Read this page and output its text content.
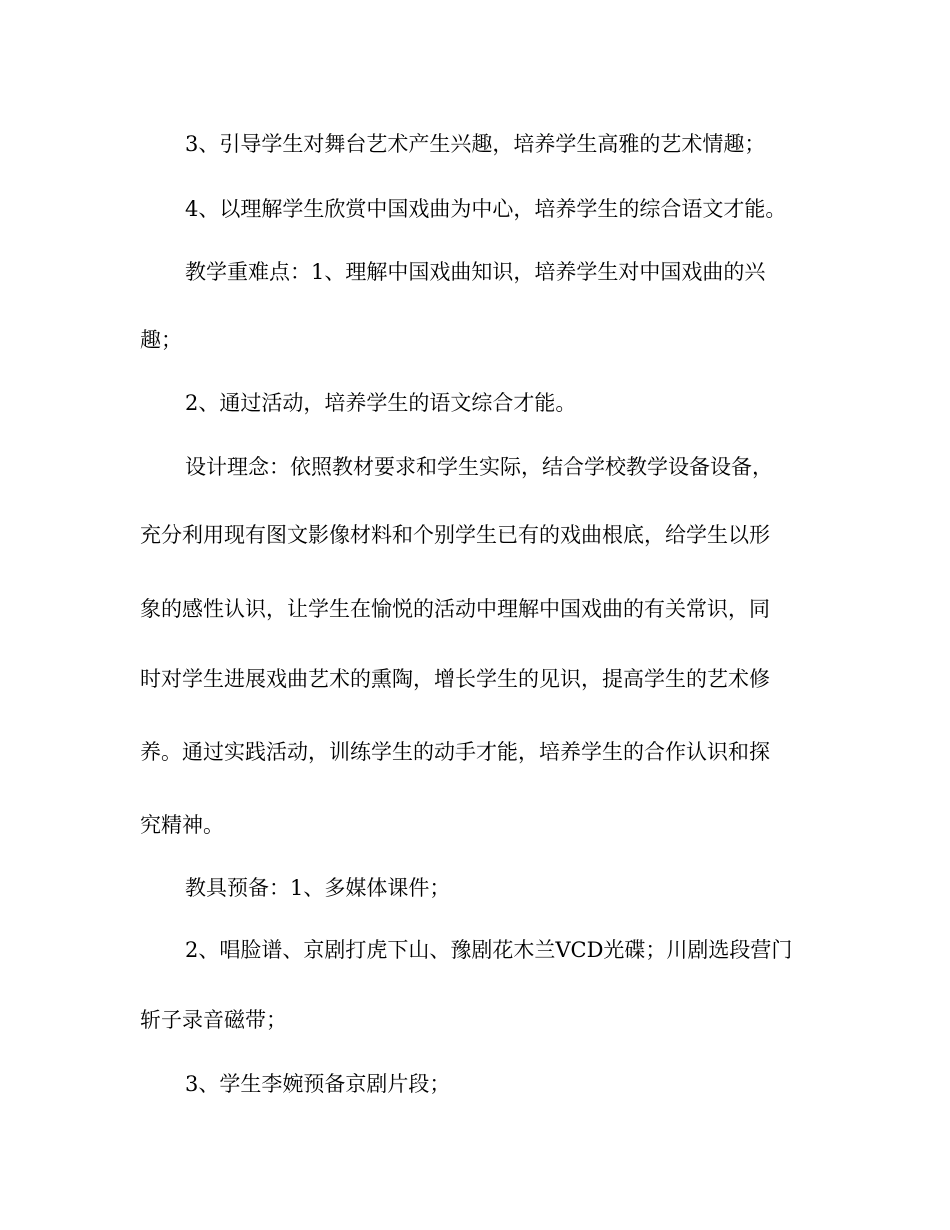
3、引导学生对舞台艺术产生兴趣，培养学生高雅的艺术情趣；
4、以理解学生欣赏中国戏曲为中心，培养学生的综合语文才能。
教学重难点：1、理解中国戏曲知识，培养学生对中国戏曲的兴
趣；
2、通过活动，培养学生的语文综合才能。
设计理念：依照教材要求和学生实际，结合学校教学设备设备，
充分利用现有图文影像材料和个别学生已有的戏曲根底，给学生以形
象的感性认识，让学生在愉悦的活动中理解中国戏曲的有关常识，同
时对学生进展戏曲艺术的熏陶，增长学生的见识，提高学生的艺术修
养。通过实践活动，训练学生的动手才能，培养学生的合作认识和探
究精神。
教具预备：1、多媒体课件；
2、唱脸谱、京剧打虎下山、豫剧花木兰VCD光碟；川剧选段营门
斩子录音磁带；
3、学生李婉预备京剧片段；
